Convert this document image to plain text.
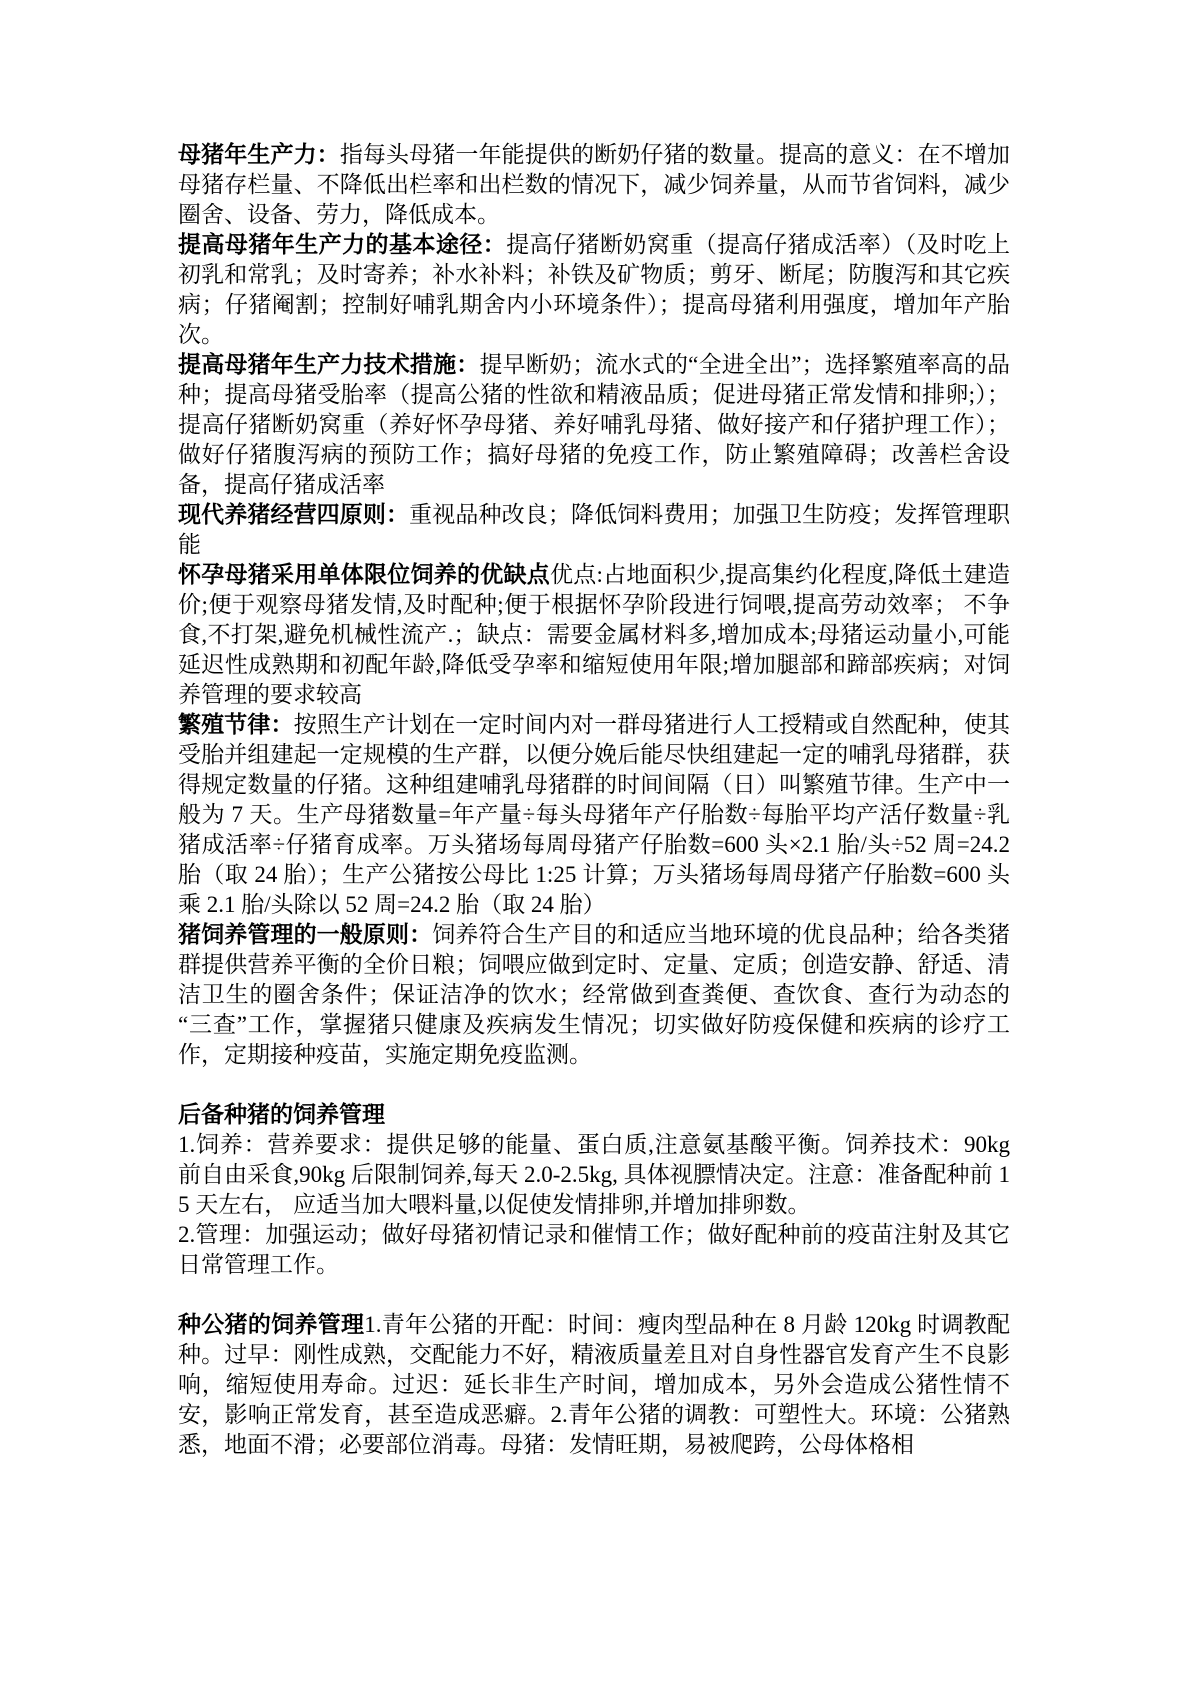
母猪年生产力：指每头母猪一年能提供的断奶仔猪的数量。提高的意义：在不增加母猪存栏量、不降低出栏率和出栏数的情况下，减少饲养量，从而节省饲料，减少圈舍、设备、劳力，降低成本。

提高母猪年生产力的基本途径：提高仔猪断奶窝重（提高仔猪成活率）（及时吃上初乳和常乳；及时寄养；补水补料；补铁及矿物质；剪牙、断尾；防腹泻和其它疾病；仔猪阉割；控制好哺乳期舍内小环境条件）；提高母猪利用强度，增加年产胎次。

提高母猪年生产力技术措施：提早断奶；流水式的“全进全出”；选择繁殖率高的品种；提高母猪受胎率（提高公猪的性欲和精液品质；促进母猪正常发情和排卵;）；提高仔猪断奶窝重（养好怀孕母猪、养好哺乳母猪、做好接产和仔猪护理工作）；做好仔猪腹泻病的预防工作；搞好母猪的免疫工作，防止繁殖障碍；改善栏舍设备，提高仔猪成活率

现代养猪经营四原则：重视品种改良；降低饲料费用；加强卫生防疫；发挥管理职能

怀孕母猪采用单体限位饲养的优缺点优点:占地面积少,提高集约化程度,降低土建造价;便于观察母猪发情,及时配种;便于根据怀孕阶段进行饲喂,提高劳动效率； 不争食,不打架,避免机械性流产.；缺点：需要金属材料多,增加成本;母猪运动量小,可能延迟性成熟期和初配年龄,降低受孕率和缩短使用年限;增加腿部和蹄部疾病；对饲养管理的要求较高

繁殖节律：按照生产计划在一定时间内对一群母猪进行人工授精或自然配种，使其受胎并组建起一定规模的生产群，以便分娩后能尽快组建起一定的哺乳母猪群，获得规定数量的仔猪。这种组建哺乳母猪群的时间间隔（日）叫繁殖节律。生产中一般为 7 天。生产母猪数量=年产量÷每头母猪年产仔胎数÷每胎平均产活仔数量÷乳猪成活率÷仔猪育成率。万头猪场每周母猪产仔胎数=600 头×2.1 胎/头÷52 周=24.2 胎（取 24 胎）；生产公猪按公母比 1:25 计算；万头猪场每周母猪产仔胎数=600 头乘 2.1 胎/头除以 52 周=24.2 胎（取 24 胎）

猪饲养管理的一般原则：饲养符合生产目的和适应当地环境的优良品种；给各类猪群提供营养平衡的全价日粮；饲喂应做到定时、定量、定质；创造安静、舒适、清洁卫生的圈舍条件；保证洁净的饮水；经常做到查粪便、查饮食、查行为动态的“三查”工作，掌握猪只健康及疾病发生情况；切实做好防疫保健和疾病的诊疗工作，定期接种疫苗，实施定期免疫监测。

后备种猪的饲养管理

1.饲养：营养要求：提供足够的能量、蛋白质,注意氨基酸平衡。饲养技术：90kg 前自由采食,90kg 后限制饲养,每天 2.0-2.5kg, 具体视膘情决定。注意：准备配种前 15 天左右， 应适当加大喂料量,以促使发情排卵,并增加排卵数。

2.管理：加强运动；做好母猪初情记录和催情工作；做好配种前的疫苗注射及其它日常管理工作。

种公猪的饲养管理1.青年公猪的开配：时间：瘦肉型品种在 8 月龄 120kg 时调教配种。过早：刚性成熟，交配能力不好，精液质量差且对自身性器官发育产生不良影响，缩短使用寿命。过迟：延长非生产时间，增加成本，另外会造成公猪性情不安，影响正常发育，甚至造成恶癖。2.青年公猪的调教：可塑性大。环境：公猪熟悉，地面不滑；必要部位消毒。母猪：发情旺期，易被爬跨，公母体格相
